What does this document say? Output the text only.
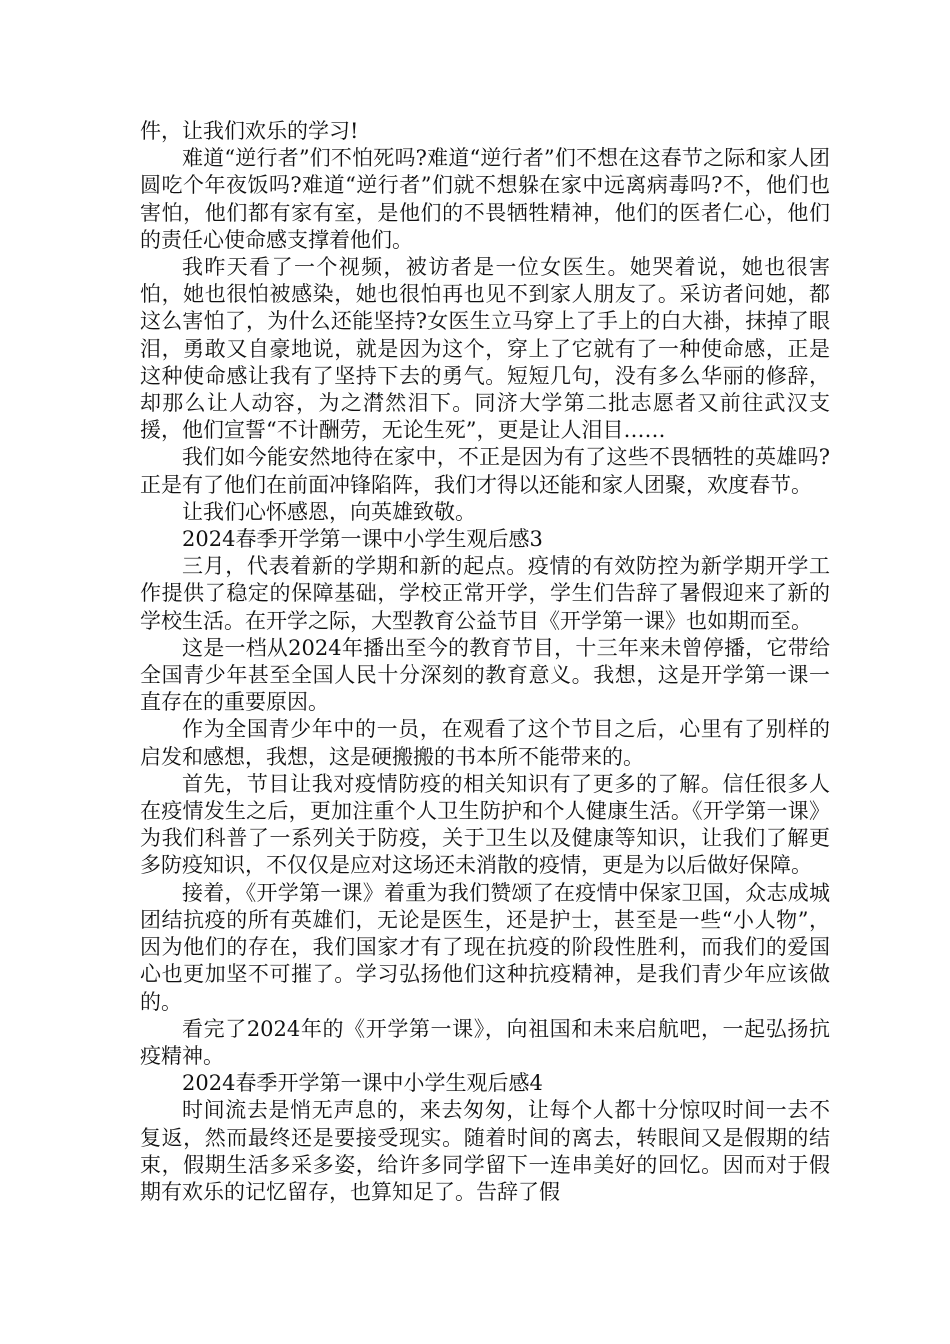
件，让我们欢乐的学习!

难道“逆行者”们不怕死吗?难道“逆行者”们不想在这春节之际和家人团圆吃个年夜饭吗?难道“逆行者”们就不想躲在家中远离病毒吗?不，他们也害怕，他们都有家有室，是他们的不畏牺牲精神，他们的医者仁心，他们的责任心使命感支撑着他们。

我昨天看了一个视频，被访者是一位女医生。她哭着说，她也很害怕，她也很怕被感染，她也很怕再也见不到家人朋友了。采访者问她，都这么害怕了，为什么还能坚持?女医生立马穿上了手上的白大褂，抹掉了眼泪，勇敢又自豪地说，就是因为这个，穿上了它就有了一种使命感，正是这种使命感让我有了坚持下去的勇气。短短几句，没有多么华丽的修辞，却那么让人动容，为之潸然泪下。同济大学第二批志愿者又前往武汉支援，他们宣誓“不计酬劳，无论生死”，更是让人泪目……

我们如今能安然地待在家中，不正是因为有了这些不畏牺牲的英雄吗?正是有了他们在前面冲锋陷阵，我们才得以还能和家人团聚，欢度春节。

让我们心怀感恩，向英雄致敬。

2024春季开学第一课中小学生观后感3

三月，代表着新的学期和新的起点。疫情的有效防控为新学期开学工作提供了稳定的保障基础，学校正常开学，学生们告辞了暑假迎来了新的学校生活。在开学之际，大型教育公益节目《开学第一课》也如期而至。

这是一档从2024年播出至今的教育节目，十三年来未曾停播，它带给全国青少年甚至全国人民十分深刻的教育意义。我想，这是开学第一课一直存在的重要原因。

作为全国青少年中的一员，在观看了这个节目之后，心里有了别样的启发和感想，我想，这是硬搬搬的书本所不能带来的。

首先，节目让我对疫情防疫的相关知识有了更多的了解。信任很多人在疫情发生之后，更加注重个人卫生防护和个人健康生活。《开学第一课》为我们科普了一系列关于防疫，关于卫生以及健康等知识，让我们了解更多防疫知识，不仅仅是应对这场还未消散的疫情，更是为以后做好保障。

接着，《开学第一课》着重为我们赞颂了在疫情中保家卫国，众志成城团结抗疫的所有英雄们，无论是医生，还是护士，甚至是一些“小人物”，因为他们的存在，我们国家才有了现在抗疫的阶段性胜利，而我们的爱国心也更加坚不可摧了。学习弘扬他们这种抗疫精神，是我们青少年应该做的。

看完了2024年的《开学第一课》，向祖国和未来启航吧，一起弘扬抗疫精神。

2024春季开学第一课中小学生观后感4

时间流去是悄无声息的，来去匆匆，让每个人都十分惊叹时间一去不复返，然而最终还是要接受现实。随着时间的离去，转眼间又是假期的结束，假期生活多采多姿，给许多同学留下一连串美好的回忆。因而对于假期有欢乐的记忆留存，也算知足了。告辞了假
